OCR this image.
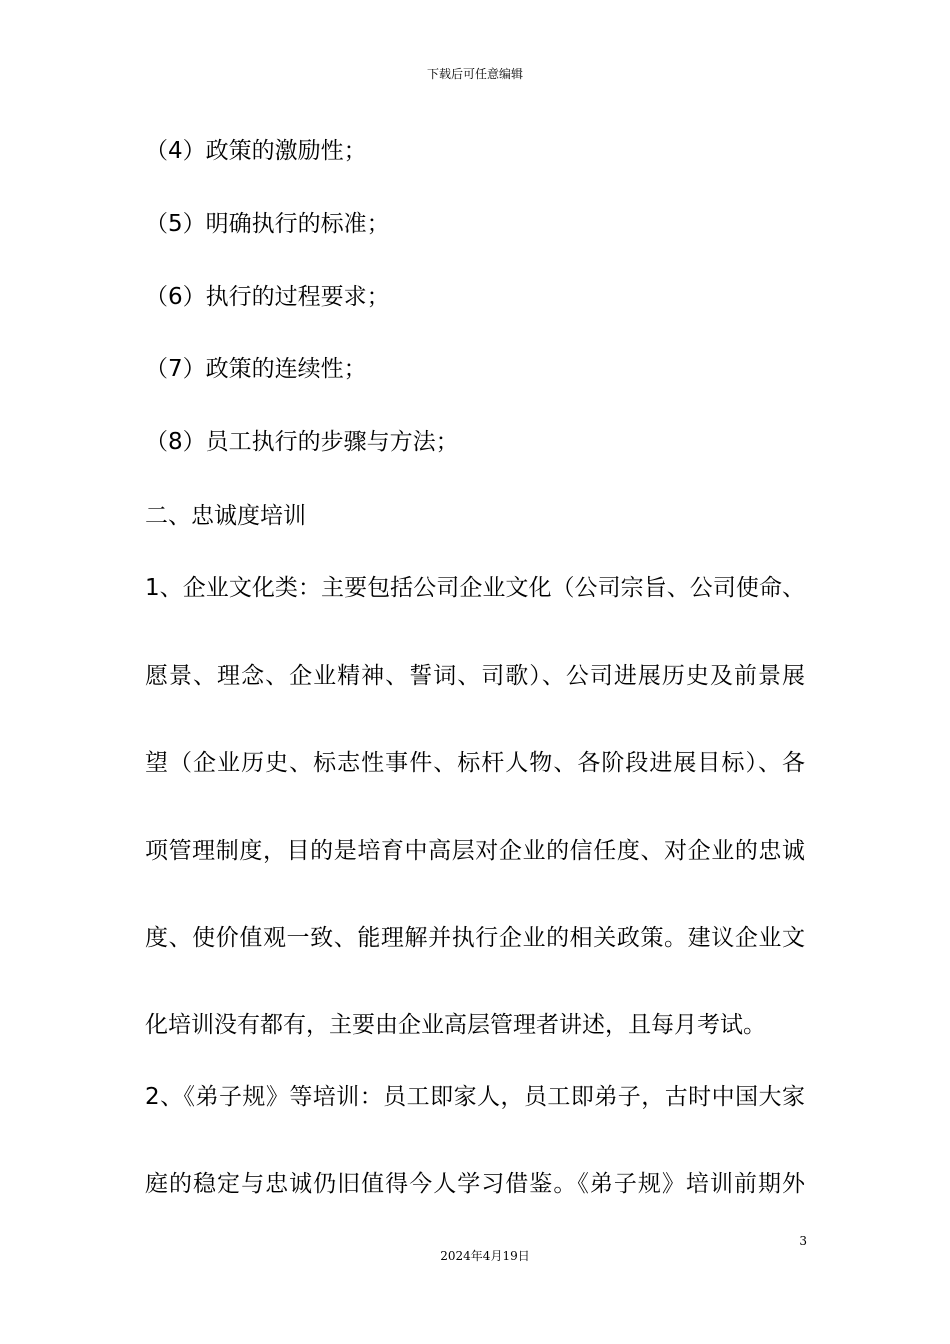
下载后可任意编辑
（4）政策的激励性；
（5）明确执行的标准；
（6）执行的过程要求；
（7）政策的连续性；
（8）员工执行的步骤与方法；
二、忠诚度培训
1、企业文化类：主要包括公司企业文化（公司宗旨、公司使命、
愿景、理念、企业精神、誓词、司歌）、公司进展历史及前景展
望（企业历史、标志性事件、标杆人物、各阶段进展目标）、各
项管理制度，目的是培育中高层对企业的信任度、对企业的忠诚
度、使价值观一致、能理解并执行企业的相关政策。建议企业文
化培训没有都有，主要由企业高层管理者讲述，且每月考试。
2、《弟子规》等培训：员工即家人，员工即弟子，古时中国大家
庭的稳定与忠诚仍旧值得今人学习借鉴。《弟子规》培训前期外
3
2024年4月19日
